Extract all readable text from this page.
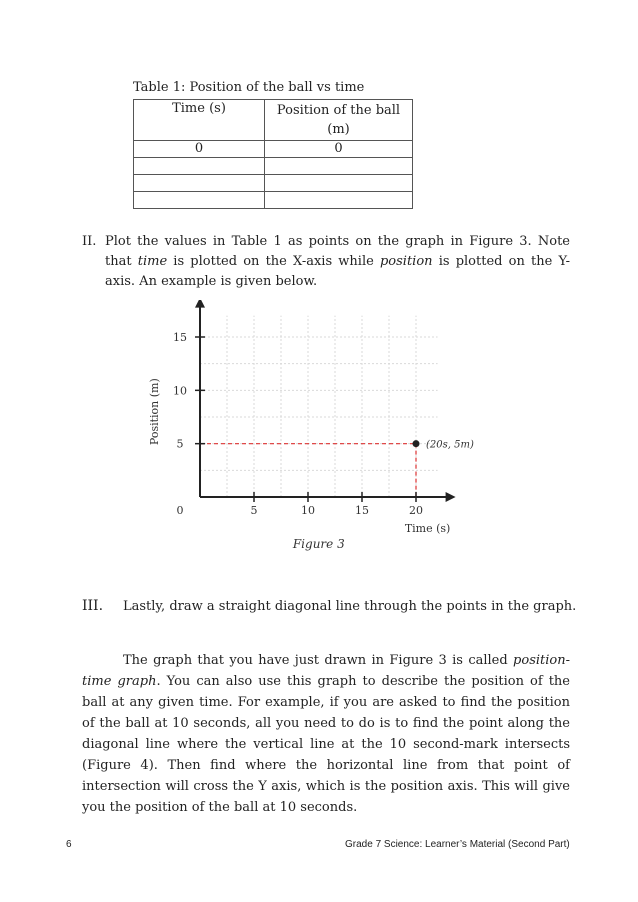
Table 1: Position of the ball vs time
Time (s)	Position of the ball
(m)
0	0

II. Plot the values in Table 1 as points on the graph in Figure 3. Note that time is plotted on the X-axis while position is plotted on the Y-axis. An example is given below.
0	5	10	15	20
5
10
15
(20s, 5m)
Time (s)
Position (m)
Figure 3
III. Lastly, draw a straight diagonal line through the points in the graph.
The graph that you have just drawn in Figure 3 is called position-time graph. You can also use this graph to describe the position of the ball at any given time. For example, if you are asked to find the position of the ball at 10 seconds, all you need to do is to find the point along the diagonal line where the vertical line at the 10 second-mark intersects (Figure 4). Then find where the horizontal line from that point of intersection will cross the Y axis, which is the position axis. This will give you the position of the ball at 10 seconds.
6	Grade 7 Science: Learner’s Material (Second Part)
